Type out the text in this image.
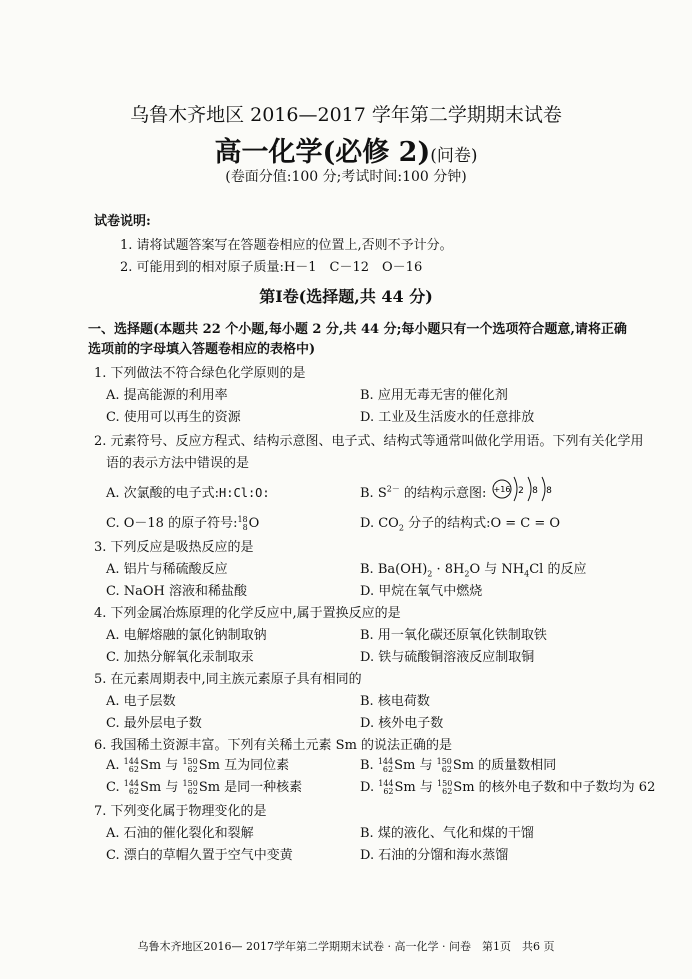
乌鲁木齐地区 2016—2017 学年第二学期期末试卷
高一化学(必修 2)(问卷)
(卷面分值:100 分;考试时间:100 分钟)
试卷说明:
1. 请将试题答案写在答题卷相应的位置上,否则不予计分。
2. 可能用到的相对原子质量:H－1　C－12　O－16
第Ⅰ卷(选择题,共 44 分)
一、选择题(本题共 22 个小题,每小题 2 分,共 44 分;每小题只有一个选项符合题意,请将正确
选项前的字母填入答题卷相应的表格中)
1. 下列做法不符合绿色化学原则的是
A. 提高能源的利用率	B. 应用无毒无害的催化剂
C. 使用可以再生的资源	D. 工业及生活废水的任意排放
2. 元素符号、反应方程式、结构示意图、电子式、结构式等通常叫做化学用语。下列有关化学用
语的表示方法中错误的是
A. 次氯酸的电子式:H:Cl:O:	B. $S^{2-}$ 的结构示意图: +16 2 8 8
C. O－18 的原子符号: 18
8 O	D. $CO_2$ 分子的结构式:O = C = O
3. 下列反应是吸热反应的是
A. 铝片与稀硫酸反应	B. $Ba(OH)_2 \cdot 8H_2O$ 与 $NH_4Cl$ 的反应
C. NaOH 溶液和稀盐酸	D. 甲烷在氧气中燃烧
4. 下列金属冶炼原理的化学反应中,属于置换反应的是
A. 电解熔融的氯化钠制取钠	B. 用一氧化碳还原氧化铁制取铁
C. 加热分解氧化汞制取汞	D. 铁与硫酸铜溶液反应制取铜
5. 在元素周期表中,同主族元素原子具有相同的
A. 电子层数	B. 核电荷数
C. 最外层电子数	D. 核外电子数
6. 我国稀土资源丰富。下列有关稀土元素 Sm 的说法正确的是
A. 144
62 Sm 与 150
62 Sm 互为同位素	B. 144
62 Sm 与 150
62 Sm 的质量数相同
C. 144
62 Sm 与 150
62 Sm 是同一种核素	D. 144
62 Sm 与 150
62 Sm 的核外电子数和中子数均为 62
7. 下列变化属于物理变化的是
A. 石油的催化裂化和裂解	B. 煤的液化、气化和煤的干馏
C. 漂白的草帽久置于空气中变黄	D. 石油的分馏和海水蒸馏
乌鲁木齐地区2016— 2017学年第二学期期末试卷 · 高一化学 · 问卷　第1页　共6 页
